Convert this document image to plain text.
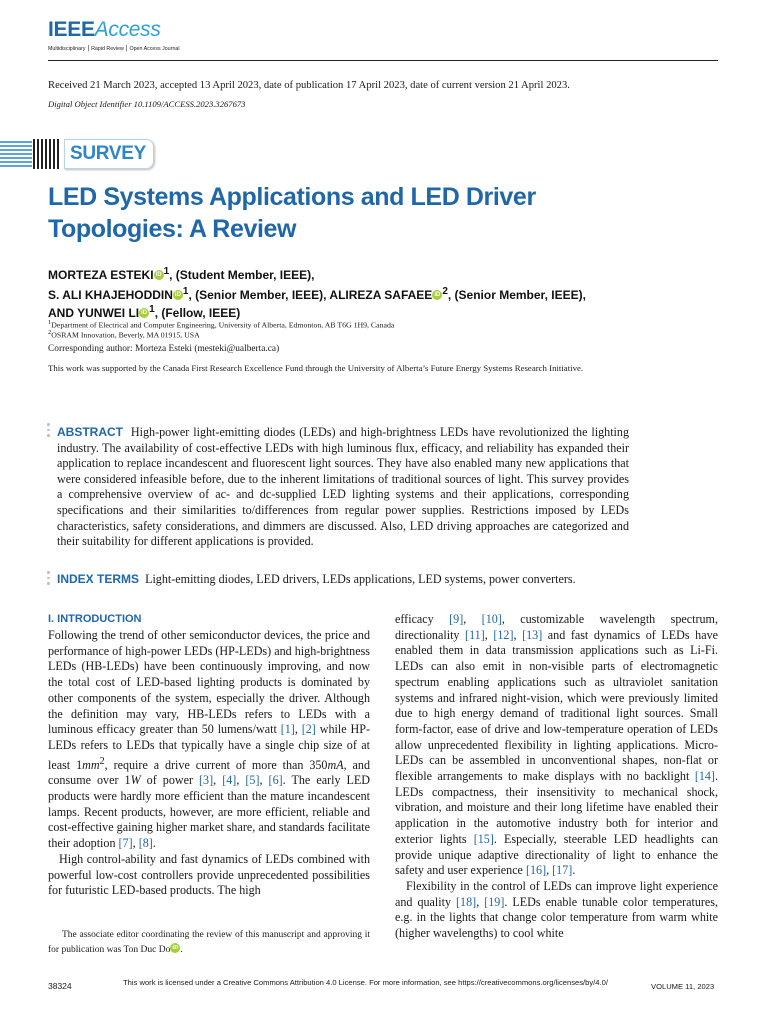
IEEEAccess
Multidisciplinary ⎮ Rapid Review ⎮ Open Access Journal
Received 21 March 2023, accepted 13 April 2023, date of publication 17 April 2023, date of current version 21 April 2023.
Digital Object Identifier 10.1109/ACCESS.2023.3267673
SURVEY
LED Systems Applications and LED Driver Topologies: A Review
MORTEZA ESTEKI iD $^1$, (Student Member, IEEE),
S. ALI KHAJEHODDIN iD $^1$, (Senior Member, IEEE), ALIREZA SAFAEE iD $^2$, (Senior Member, IEEE),
AND YUNWEI LI iD $^1$, (Fellow, IEEE)
$^1$Department of Electrical and Computer Engineering, University of Alberta, Edmonton, AB T6G 1H9, Canada
$^2$OSRAM Innovation, Beverly, MA 01915, USA
Corresponding author: Morteza Esteki (mesteki@ualberta.ca)
This work was supported by the Canada First Research Excellence Fund through the University of Alberta’s Future Energy Systems Research Initiative.
ABSTRACT High-power light-emitting diodes (LEDs) and high-brightness LEDs have revolutionized the lighting industry. The availability of cost-effective LEDs with high luminous flux, efficacy, and reliability has expanded their application to replace incandescent and fluorescent light sources. They have also enabled many new applications that were considered infeasible before, due to the inherent limitations of traditional sources of light. This survey provides a comprehensive overview of ac- and dc-supplied LED lighting systems and their applications, corresponding specifications and their similarities to/differences from regular power supplies. Restrictions imposed by LEDs characteristics, safety considerations, and dimmers are discussed. Also, LED driving approaches are categorized and their suitability for different applications is provided.
INDEX TERMS Light-emitting diodes, LED drivers, LEDs applications, LED systems, power converters.
I. INTRODUCTION
Following the trend of other semiconductor devices, the price and performance of high-power LEDs (HP-LEDs) and high-brightness LEDs (HB-LEDs) have been continuously improving, and now the total cost of LED-based lighting products is dominated by other components of the system, especially the driver. Although the definition may vary, HB-LEDs refers to LEDs with a luminous efficacy greater than 50 lumens/watt [1], [2] while HP-LEDs refers to LEDs that typically have a single chip size of at least $1mm^2$, require a drive current of more than 350mA, and consume over 1W of power [3], [4], [5], [6]. The early LED products were hardly more efficient than the mature incandescent lamps. Recent products, however, are more efficient, reliable and cost-effective gaining higher market share, and standards facilitate their adoption [7], [8].
High control-ability and fast dynamics of LEDs combined with powerful low-cost controllers provide unprecedented possibilities for futuristic LED-based products. The high
The associate editor coordinating the review of this manuscript and approving it for publication was Ton Duc Do iD .
efficacy [9], [10], customizable wavelength spectrum, directionality [11], [12], [13] and fast dynamics of LEDs have enabled them in data transmission applications such as Li-Fi. LEDs can also emit in non-visible parts of electromagnetic spectrum enabling applications such as ultraviolet sanitation systems and infrared night-vision, which were previously limited due to high energy demand of traditional light sources. Small form-factor, ease of drive and low-temperature operation of LEDs allow unprecedented flexibility in lighting applications. Micro-LEDs can be assembled in unconventional shapes, non-flat or flexible arrangements to make displays with no backlight [14]. LEDs compactness, their insensitivity to mechanical shock, vibration, and moisture and their long lifetime have enabled their application in the automotive industry both for interior and exterior lights [15]. Especially, steerable LED headlights can provide unique adaptive directionality of light to enhance the safety and user experience [16], [17].
Flexibility in the control of LEDs can improve light experience and quality [18], [19]. LEDs enable tunable color temperatures, e.g. in the lights that change color temperature from warm white (higher wavelengths) to cool white
38324	This work is licensed under a Creative Commons Attribution 4.0 License. For more information, see https://creativecommons.org/licenses/by/4.0/	VOLUME 11, 2023
